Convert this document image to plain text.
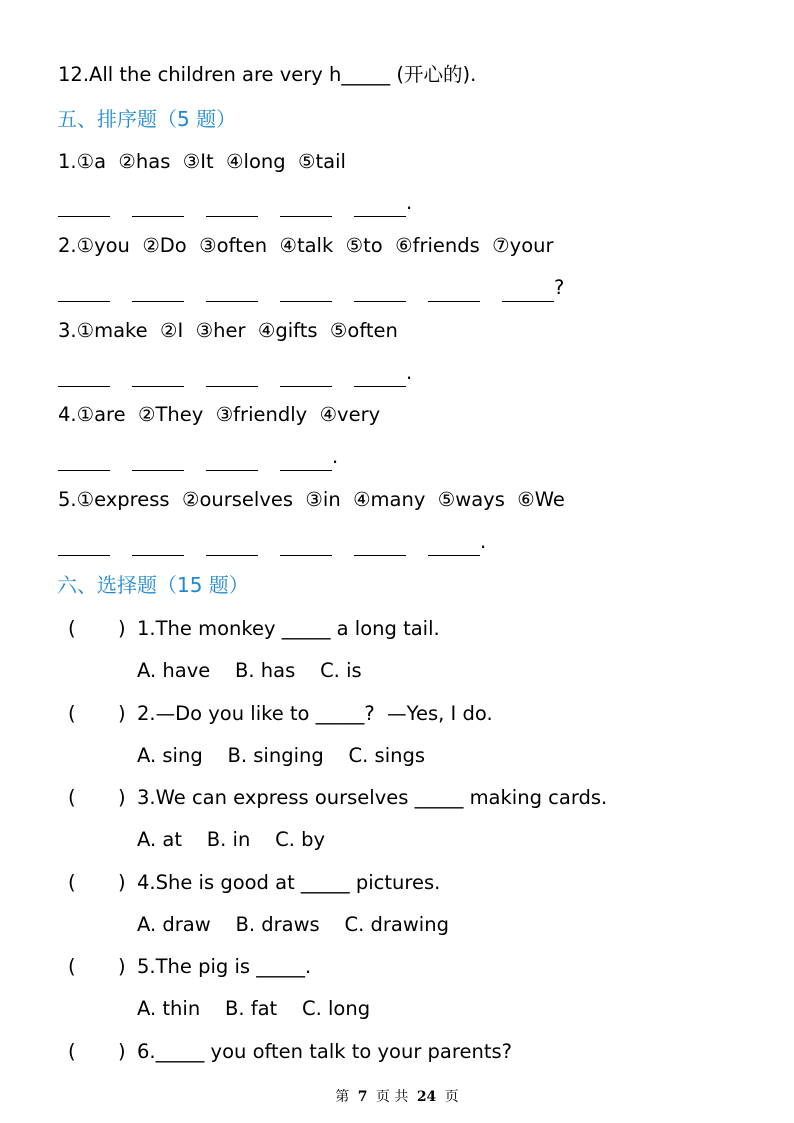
12.All the children are very h_____ (开心的).
五、排序题（5 题）
1.①a  ②has  ③It  ④long  ⑤tail
.
2.①you  ②Do  ③often  ④talk  ⑤to  ⑥friends  ⑦your
?
3.①make  ②I  ③her  ④gifts  ⑤often
.
4.①are  ②They  ③friendly  ④very
.
5.①express  ②ourselves  ③in  ④many  ⑤ways  ⑥We
.
六、选择题（15 题）
( ) 1.The monkey _____ a long tail.
A. have    B. has    C. is
( ) 2.—Do you like to _____?  —Yes, I do.
A. sing    B. singing    C. sings
( ) 3.We can express ourselves _____ making cards.
A. at    B. in    C. by
( ) 4.She is good at _____ pictures.
A. draw    B. draws    C. drawing
( ) 5.The pig is _____.
A. thin    B. fat    C. long
( ) 6._____ you often talk to your parents?
第 7 页 共 24 页
